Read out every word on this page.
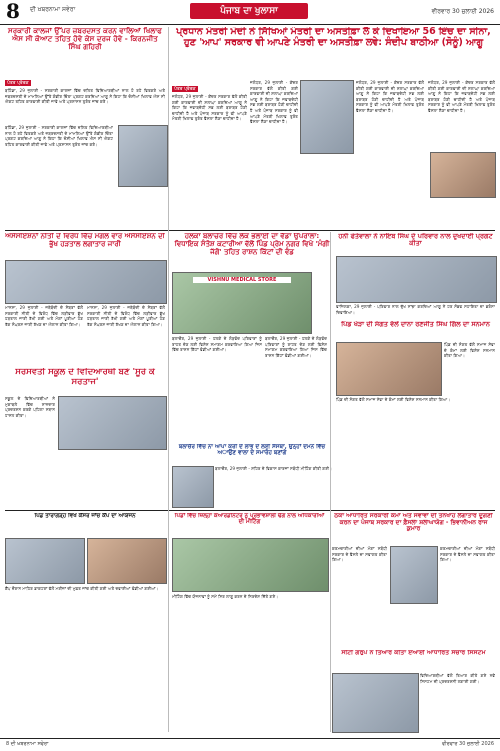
8 ਦੀ ਖ਼ਬਰਨਾਮਾ ਸਵੇਰਾ	ਪੰਜਾਬ ਦਾ ਖੁਲਾਸਾ	ਵੀਰਵਾਰ 30 ਜੁਲਾਈ 2026
ਸਰਕਾਰੀ ਕਾਲਜਾਂ ਉੱਪਰ ਜ਼ਬਰਦਸਤ ਕਰਨ ਵਾਲਿਆਂ ਖਿਲਾਫ ਐਸ ਸੀ ਕੋਆਟ ਤਹਿਤ ਹੋਵੇ ਕੇਸ ਦਰਜ ਹੋਵੇ - ਕਿਰਨਜੀਤ ਸਿੰਘ ਗਹਿਰੀ
ਪੱਤਰ ਪ੍ਰੇਰਕ
ਬਠਿੰਡਾ, 29 ਜੁਲਾਈ - ਸਰਕਾਰੀ ਕਾਲਜਾਂ ਵਿੱਚ ਦਲਿਤ ਵਿਦਿਆਰਥੀਆਂ ਨਾਲ ਹੋ ਰਹੇ ਵਿਤਕਰੇ ਅਤੇ ਜ਼ਬਰਦਸਤੀ ਦੇ ਮਾਮਲਿਆਂ ਉੱਤੇ ਗੰਭੀਰ ਚਿੰਤਾ ਪ੍ਰਗਟ ਕਰਦਿਆਂ ਆਗੂ ਨੇ ਕਿਹਾ ਕਿ ਦੋਸ਼ੀਆਂ ਖਿਲਾਫ ਐਸ ਸੀ ਐਕਟ ਤਹਿਤ ਕਾਰਵਾਈ ਕੀਤੀ ਜਾਵੇ ਅਤੇ ਪ੍ਰਸ਼ਾਸਨ ਤੁਰੰਤ ਜਾਂਚ ਕਰੇ।
ਬਠਿੰਡਾ, 29 ਜੁਲਾਈ - ਸਰਕਾਰੀ ਕਾਲਜਾਂ ਵਿੱਚ ਦਲਿਤ ਵਿਦਿਆਰਥੀਆਂ ਨਾਲ ਹੋ ਰਹੇ ਵਿਤਕਰੇ ਅਤੇ ਜ਼ਬਰਦਸਤੀ ਦੇ ਮਾਮਲਿਆਂ ਉੱਤੇ ਗੰਭੀਰ ਚਿੰਤਾ ਪ੍ਰਗਟ ਕਰਦਿਆਂ ਆਗੂ ਨੇ ਕਿਹਾ ਕਿ ਦੋਸ਼ੀਆਂ ਖਿਲਾਫ ਐਸ ਸੀ ਐਕਟ ਤਹਿਤ ਕਾਰਵਾਈ ਕੀਤੀ ਜਾਵੇ ਅਤੇ ਪ੍ਰਸ਼ਾਸਨ ਤੁਰੰਤ ਜਾਂਚ ਕਰੇ।
ਪ੍ਰਧਾਨ ਮੰਤਰੀ ਮੋਦੀ ਨੇ ਸਿੱਖਿਆਂ ਮੰਤਰੀ ਦਾ ਅਸਤੀਫ਼ਾ ਲੈ ਕੇ ਦਿਖਾਇਆ 56 ਇੰਚ ਦਾ ਸੀਨਾ, ਹੁਣ 'ਆਪ' ਸਰਕਾਰ ਵੀ ਆਪਣੇ ਮੰਤਰੀ ਦਾ ਅਸਤੀਫ਼ਾ ਲਵੇ: ਸੰਦੀਪ ਬਾਠੀਆ (ਸੋਨੂੰ) ਆਗੂ
ਪੱਤਰ ਪ੍ਰੇਰਕ
ਜਲੰਧਰ, 29 ਜੁਲਾਈ - ਕੇਂਦਰ ਸਰਕਾਰ ਵੱਲੋਂ ਕੀਤੀ ਗਈ ਕਾਰਵਾਈ ਦੀ ਸ਼ਲਾਘਾ ਕਰਦਿਆਂ ਆਗੂ ਨੇ ਕਿਹਾ ਕਿ ਜਵਾਬਦੇਹੀ ਸਭ ਲਈ ਬਰਾਬਰ ਹੋਣੀ ਚਾਹੀਦੀ ਹੈ ਅਤੇ ਪੰਜਾਬ ਸਰਕਾਰ ਨੂੰ ਵੀ ਆਪਣੇ ਮੰਤਰੀ ਖਿਲਾਫ ਤੁਰੰਤ ਫੈਸਲਾ ਲੈਣਾ ਚਾਹੀਦਾ ਹੈ।
ਜਲੰਧਰ, 29 ਜੁਲਾਈ - ਕੇਂਦਰ ਸਰਕਾਰ ਵੱਲੋਂ ਕੀਤੀ ਗਈ ਕਾਰਵਾਈ ਦੀ ਸ਼ਲਾਘਾ ਕਰਦਿਆਂ ਆਗੂ ਨੇ ਕਿਹਾ ਕਿ ਜਵਾਬਦੇਹੀ ਸਭ ਲਈ ਬਰਾਬਰ ਹੋਣੀ ਚਾਹੀਦੀ ਹੈ ਅਤੇ ਪੰਜਾਬ ਸਰਕਾਰ ਨੂੰ ਵੀ ਆਪਣੇ ਮੰਤਰੀ ਖਿਲਾਫ ਤੁਰੰਤ ਫੈਸਲਾ ਲੈਣਾ ਚਾਹੀਦਾ ਹੈ।
ਜਲੰਧਰ, 29 ਜੁਲਾਈ - ਕੇਂਦਰ ਸਰਕਾਰ ਵੱਲੋਂ ਕੀਤੀ ਗਈ ਕਾਰਵਾਈ ਦੀ ਸ਼ਲਾਘਾ ਕਰਦਿਆਂ ਆਗੂ ਨੇ ਕਿਹਾ ਕਿ ਜਵਾਬਦੇਹੀ ਸਭ ਲਈ ਬਰਾਬਰ ਹੋਣੀ ਚਾਹੀਦੀ ਹੈ ਅਤੇ ਪੰਜਾਬ ਸਰਕਾਰ ਨੂੰ ਵੀ ਆਪਣੇ ਮੰਤਰੀ ਖਿਲਾਫ ਤੁਰੰਤ ਫੈਸਲਾ ਲੈਣਾ ਚਾਹੀਦਾ ਹੈ।
ਜਲੰਧਰ, 29 ਜੁਲਾਈ - ਕੇਂਦਰ ਸਰਕਾਰ ਵੱਲੋਂ ਕੀਤੀ ਗਈ ਕਾਰਵਾਈ ਦੀ ਸ਼ਲਾਘਾ ਕਰਦਿਆਂ ਆਗੂ ਨੇ ਕਿਹਾ ਕਿ ਜਵਾਬਦੇਹੀ ਸਭ ਲਈ ਬਰਾਬਰ ਹੋਣੀ ਚਾਹੀਦੀ ਹੈ ਅਤੇ ਪੰਜਾਬ ਸਰਕਾਰ ਨੂੰ ਵੀ ਆਪਣੇ ਮੰਤਰੀ ਖਿਲਾਫ ਤੁਰੰਤ ਫੈਸਲਾ ਲੈਣਾ ਚਾਹੀਦਾ ਹੈ।
ਐਸੋਸੀਏਸ਼ਨਾਂ ਨੀਤੀ ਦੇ ਵਿਰੋਧ ਵਿੱਚ ਮੰਗਲ ਵਾਰ ਐਸੋਸੀਏਸ਼ਨ ਦੀ ਭੁੱਖ ਹੜਤਾਲ ਲਗਾਤਾਰ ਜਾਰੀ
ਮਾਨਸਾ, 29 ਜੁਲਾਈ - ਜਥੇਬੰਦੀ ਦੇ ਮੈਂਬਰਾਂ ਵੱਲੋਂ ਸਰਕਾਰੀ ਨੀਤੀ ਦੇ ਵਿਰੋਧ ਵਿੱਚ ਲੜੀਵਾਰ ਭੁੱਖ ਹੜਤਾਲ ਜਾਰੀ ਰੱਖੀ ਗਈ ਅਤੇ ਮੰਗਾਂ ਪੂਰੀਆਂ ਹੋਣ ਤੱਕ ਸੰਘਰਸ਼ ਜਾਰੀ ਰੱਖਣ ਦਾ ਐਲਾਨ ਕੀਤਾ ਗਿਆ।
ਮਾਨਸਾ, 29 ਜੁਲਾਈ - ਜਥੇਬੰਦੀ ਦੇ ਮੈਂਬਰਾਂ ਵੱਲੋਂ ਸਰਕਾਰੀ ਨੀਤੀ ਦੇ ਵਿਰੋਧ ਵਿੱਚ ਲੜੀਵਾਰ ਭੁੱਖ ਹੜਤਾਲ ਜਾਰੀ ਰੱਖੀ ਗਈ ਅਤੇ ਮੰਗਾਂ ਪੂਰੀਆਂ ਹੋਣ ਤੱਕ ਸੰਘਰਸ਼ ਜਾਰੀ ਰੱਖਣ ਦਾ ਐਲਾਨ ਕੀਤਾ ਗਿਆ।
ਸਰਸਵਤੀ ਸਕੂਲ ਦੇ ਵਿਦਿਆਰਥੀ ਬਣੇ 'ਸੂਰੇ ਕੇ ਸਰਤਾਜ'
ਸਕੂਲ ਦੇ ਵਿਦਿਆਰਥੀਆਂ ਨੇ ਮੁਕਾਬਲੇ ਵਿੱਚ ਸ਼ਾਨਦਾਰ ਪ੍ਰਦਰਸ਼ਨ ਕਰਕੇ ਪਹਿਲਾ ਸਥਾਨ ਹਾਸਲ ਕੀਤਾ।
ਹਲਕਾ ਬਲਾਚੌਰ ਵਿੱਚ ਲੋਕ ਭਲਾਈ ਦਾ ਵੱਡਾ ਉਪਰਾਲਾ: ਵਿਧਾਇਕ ਸੰਤੋਸ਼ ਕਟਾਰੀਆ ਵੱਲੋਂ ਪਿੰਡ ਪ੍ਰੇਮ ਨਗਰ ਵਿਖੇ 'ਮੰਗੀ ਜੱਗੋ' ਤਹਿਤ ਰਾਸ਼ਨ ਕਿੱਟਾਂ ਦੀ ਵੰਡ
VISHNU MEDICAL STORE
ਬਲਾਚੌਰ, 29 ਜੁਲਾਈ - ਹਲਕੇ ਦੇ ਲੋੜਵੰਦ ਪਰਿਵਾਰਾਂ ਨੂੰ ਰਾਹਤ ਦੇਣ ਲਈ ਵਿਸ਼ੇਸ਼ ਸਮਾਗਮ ਕਰਵਾਇਆ ਗਿਆ ਜਿਸ ਵਿੱਚ ਰਾਸ਼ਨ ਕਿੱਟਾਂ ਵੰਡੀਆਂ ਗਈਆਂ।
ਬਲਾਚੌਰ, 29 ਜੁਲਾਈ - ਹਲਕੇ ਦੇ ਲੋੜਵੰਦ ਪਰਿਵਾਰਾਂ ਨੂੰ ਰਾਹਤ ਦੇਣ ਲਈ ਵਿਸ਼ੇਸ਼ ਸਮਾਗਮ ਕਰਵਾਇਆ ਗਿਆ ਜਿਸ ਵਿੱਚ ਰਾਸ਼ਨ ਕਿੱਟਾਂ ਵੰਡੀਆਂ ਗਈਆਂ।
ਹਨੀ ਫੋਤੇਵਾਲਾ ਨੇ ਨਾਇਬ ਸਿੰਘ ਦੇ ਪਰਿਵਾਰ ਨਾਲ ਦੁਖਦਾਈ ਪ੍ਰਗਟ ਕੀਤਾ
ਫਾਜ਼ਿਲਕਾ, 29 ਜੁਲਾਈ - ਪਰਿਵਾਰ ਨਾਲ ਦੁੱਖ ਸਾਂਝਾ ਕਰਦਿਆਂ ਆਗੂ ਨੇ ਹਰ ਸੰਭਵ ਸਹਾਇਤਾ ਦਾ ਭਰੋਸਾ ਦਿਵਾਇਆ।
ਪਿੰਡ ਖੇੜਾ ਦੀ ਸੰਗਤ ਵੱਲੋਂ ਦਾਨਾ ਰਣਜੀਤ ਸਿੰਘ ਗਿੱਲ ਦਾ ਸਨਮਾਨ
ਪਿੰਡ ਦੀ ਸੰਗਤ ਵੱਲੋਂ ਸਮਾਜ ਸੇਵਾ ਦੇ ਕੰਮਾਂ ਲਈ ਵਿਸ਼ੇਸ਼ ਸਨਮਾਨ ਕੀਤਾ ਗਿਆ।
ਪਿੰਡ ਦੀ ਸੰਗਤ ਵੱਲੋਂ ਸਮਾਜ ਸੇਵਾ ਦੇ ਕੰਮਾਂ ਲਈ ਵਿਸ਼ੇਸ਼ ਸਨਮਾਨ ਕੀਤਾ ਗਿਆ।
ਬਲਾਚੌਰ ਵਿੱਚ ਨਾ ਆਪਾ ਕਰੀ ਦੇ ਲਾਭ ਦੇ ਲਈ ਸੰਸਥਾ, ਉਨ੍ਹਾਂ ਦਮਨੇ ਵਿੱਚ ਅਾਉਂਣ ਵਾਲਾ ਦੇ ਸਮਾਰੋਹ ਬਣਾਂਗੇ
ਬਲਾਚੌਰ, 29 ਜੁਲਾਈ - ਸ਼ਹਿਰ ਦੇ ਵਿਕਾਸ ਕਾਰਜਾਂ ਸਬੰਧੀ ਮੀਟਿੰਗ ਕੀਤੀ ਗਈ।
ਪਿੰਡ ਤਾਰਾਗੜ੍ਹ ਵਿਖੇ ਕੈਂਸਰ ਜਾਂਚ ਕੈਂਪ ਦਾ ਆਯੋਜਨ
ਕੈਂਪ ਦੌਰਾਨ ਮਾਹਿਰ ਡਾਕਟਰਾਂ ਵੱਲੋਂ ਮਰੀਜ਼ਾਂ ਦੀ ਮੁਫ਼ਤ ਜਾਂਚ ਕੀਤੀ ਗਈ ਅਤੇ ਦਵਾਈਆਂ ਵੰਡੀਆਂ ਗਈਆਂ।
ਪਿੰਡਾਂ ਵਿੱਚ ਜ਼ਿਲ੍ਹਾ ਕੋਆਰਡੀਨੇਟਰ ਨੂੰ ਪ੍ਰਭਾਵਸ਼ਾਲੀ ਢੰਗ ਨਾਲ ਅਧਿਕਾਰੀਆਂ ਦੀ ਮੀਟਿੰਗ
ਮੀਟਿੰਗ ਵਿੱਚ ਯੋਜਨਾਵਾਂ ਨੂੰ ਸਮੇਂ ਸਿਰ ਲਾਗੂ ਕਰਨ ਦੇ ਨਿਰਦੇਸ਼ ਦਿੱਤੇ ਗਏ।
ਠੇਕਾ ਆਧਾਰਿਤ ਸਰਕਾਰੀ ਕੰਮਾਂ ਅਤੇ ਸੇਵਾਵਾਂ ਦੀ ਤਨਖਾਹ ਲਗਾਤਾਰ ਦੂਗਣੀ ਕਰਨ ਦਾ ਪੰਜਾਬ ਸਰਕਾਰ ਦਾ ਫ਼ੈਸਲਾ ਸ਼ਲਾਘਾਯੋਗ - ਭਿਵਾਨੀਅਨ ਰਾਜ ਕੁਮਾਰ
ਕਰਮਚਾਰੀਆਂ ਦੀਆਂ ਮੰਗਾਂ ਸਬੰਧੀ ਸਰਕਾਰ ਦੇ ਫੈਸਲੇ ਦਾ ਸਵਾਗਤ ਕੀਤਾ ਗਿਆ।
ਕਰਮਚਾਰੀਆਂ ਦੀਆਂ ਮੰਗਾਂ ਸਬੰਧੀ ਸਰਕਾਰ ਦੇ ਫੈਸਲੇ ਦਾ ਸਵਾਗਤ ਕੀਤਾ ਗਿਆ।
ਸੀਟੀ ਗਰੁੱਪ ਨੇ ਤਿਆਰ ਕੀਤਾ ਏਆਈ ਆਧਾਰਿਤ ਸੰਚਾਰ ਸਿਸਟਮ
ਵਿਦਿਆਰਥੀਆਂ ਵੱਲੋਂ ਤਿਆਰ ਕੀਤੇ ਗਏ ਨਵੇਂ ਸਿਸਟਮ ਦੀ ਪ੍ਰਦਰਸ਼ਨੀ ਲਗਾਈ ਗਈ।
8 ਦੀ ਖ਼ਬਰਨਾਮਾ ਸਵੇਰਾ	ਵੀਰਵਾਰ 30 ਜੁਲਾਈ 2026
